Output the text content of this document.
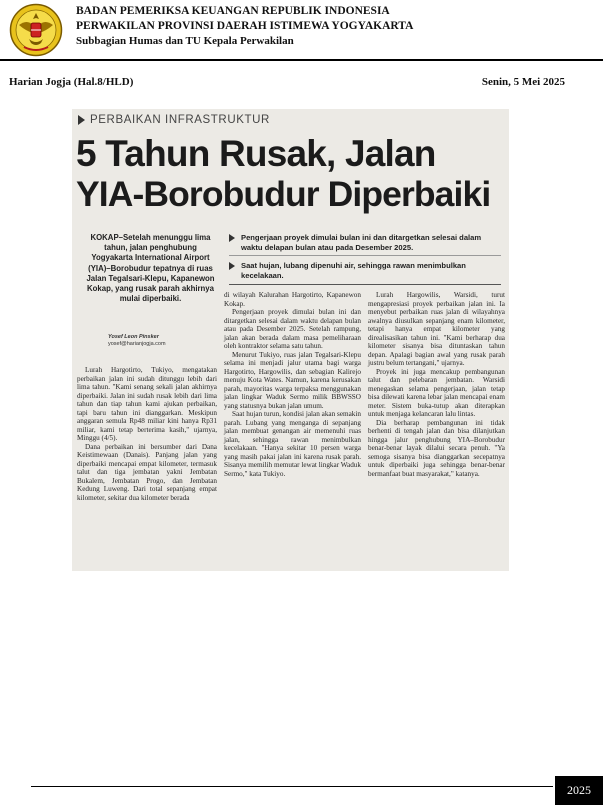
BADAN PEMERIKSA KEUANGAN REPUBLIK INDONESIA
PERWAKILAN PROVINSI DAERAH ISTIMEWA YOGYAKARTA
Subbagian Humas dan TU Kepala Perwakilan
Harian Jogja (Hal.8/HLD)	Senin, 5 Mei 2025
PERBAIKAN INFRASTRUKTUR
5 Tahun Rusak, Jalan
YIA-Borobudur Diperbaiki
KOKAP–Setelah menunggu lima tahun, jalan penghubung Yogyakarta International Airport (YIA)–Borobudur tepatnya di ruas Jalan Tegalsari-Klepu, Kapanewon Kokap, yang rusak parah akhirnya mulai diperbaiki.
Yosef Leon Pinsker
yosef@harianjogja.com
Pengerjaan proyek dimulai bulan ini dan ditargetkan selesai dalam waktu delapan bulan atau pada Desember 2025.
Saat hujan, lubang dipenuhi air, sehingga rawan menimbulkan kecelakaan.

Lurah Hargotirto, Tukiyo, mengatakan perbaikan jalan ini sudah ditunggu lebih dari lima tahun. "Kami senang sekali jalan akhirnya diperbaiki. Jalan ini sudah rusak lebih dari lima tahun dan tiap tahun kami ajukan perbaikan, tapi baru tahun ini dianggarkan. Meskipun anggaran semula Rp48 miliar kini hanya Rp31 miliar, kami tetap berterima kasih," ujarnya, Minggu (4/5).

Dana perbaikan ini bersumber dari Dana Keistimewaan (Danais). Panjang jalan yang diperbaiki mencapai empat kilometer, termasuk talut dan tiga jembatan yakni Jembatan Bukalem, Jembatan Progo, dan Jembatan Kedung Luweng. Dari total sepanjang empat kilometer, sekitar dua kilometer berada

di wilayah Kalurahan Hargotirto, Kapanewon Kokap.

Pengerjaan proyek dimulai bulan ini dan ditargetkan selesai dalam waktu delapan bulan atau pada Desember 2025. Setelah rampung, jalan akan berada dalam masa pemeliharaan oleh kontraktor selama satu tahun.

Menurut Tukiyo, ruas jalan Tegalsari-Klepu selama ini menjadi jalur utama bagi warga Hargotirto, Hargowilis, dan sebagian Kalirejo menuju Kota Wates. Namun, karena kerusakan parah, mayoritas warga terpaksa menggunakan jalan lingkar Waduk Sermo milik BBWSSO yang statusnya bukan jalan umum.

Saat hujan turun, kondisi jalan akan semakin parah. Lubang yang menganga di sepanjang jalan membuat genangan air memenuhi ruas jalan, sehingga rawan menimbulkan kecelakaan. "Hanya sekitar 10 persen warga yang masih pakai jalan ini karena rusak parah. Sisanya memilih memutar lewat lingkar Waduk Sermo," kata Tukiyo.

Lurah Hargowilis, Warsidi, turut mengapresiasi proyek perbaikan jalan ini. Ia menyebut perbaikan ruas jalan di wilayahnya awalnya diusulkan sepanjang enam kilometer, tetapi hanya empat kilometer yang direalisasikan tahun ini. "Kami berharap dua kilometer sisanya bisa dituntaskan tahun depan. Apalagi bagian awal yang rusak parah justru belum tertangani," ujarnya.

Proyek ini juga mencakup pembangunan talut dan pelebaran jembatan. Warsidi menegaskan selama pengerjaan, jalan tetap bisa dilewati karena lebar jalan mencapai enam meter. Sistem buka-tutup akan diterapkan untuk menjaga kelancaran lalu lintas.

Dia berharap pembangunan ini tidak berhenti di tengah jalan dan bisa dilanjutkan hingga jalur penghubung YIA–Borobudur benar-benar layak dilalui secara penuh. "Ya semoga sisanya bisa dianggarkan secepatnya untuk diperbaiki juga sehingga benar-benar bermanfaat buat masyarakat," katanya.

2025
